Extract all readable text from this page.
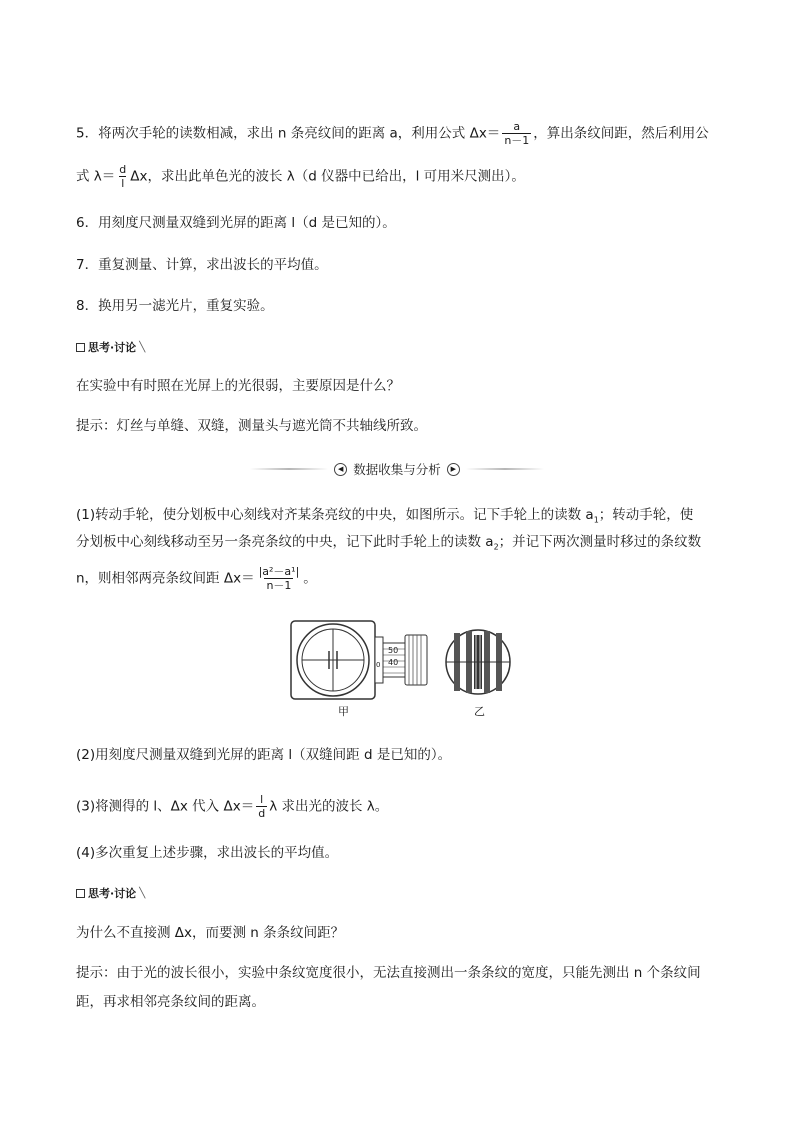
5．将两次手轮的读数相减，求出 n 条亮纹间的距离 a，利用公式 $\Delta x= \frac{a}{n-1}$ ，算出条纹间距，然后利用公
式 $\lambda= \frac{d}{l}$ Δx，求出此单色光的波长 λ（d 仪器中已给出，l 可用米尺测出）。
6．用刻度尺测量双缝到光屏的距离 l（d 是已知的）。
7．重复测量、计算，求出波长的平均值。
8．换用另一滤光片，重复实验。
思考·讨论 ╲
在实验中有时照在光屏上的光很弱，主要原因是什么？
提示：灯丝与单缝、双缝，测量头与遮光筒不共轴线所致。
◀ 数据收集与分析	▶
(1)转动手轮，使分划板中心刻线对齐某条亮纹的中央，如图所示。记下手轮上的读数 $a_1$；转动手轮，使
分划板中心刻线移动至另一条亮条纹的中央，记下此时手轮上的读数 $a_2$；并记下两次测量时移过的条纹数
n，则相邻两亮条纹间距 $\Delta x= \frac{\text{|a²－a¹|}}{n-1}$ 。
50
40
0
甲	乙
(2)用刻度尺测量双缝到光屏的距离 l（双缝间距 d 是已知的）。
(3)将测得的 l、Δx 代入 $\Delta x= \frac{l}{d}$ λ 求出光的波长 λ。
(4)多次重复上述步骤，求出波长的平均值。
思考·讨论 ╲
为什么不直接测 Δx，而要测 n 条条纹间距？
提示：由于光的波长很小，实验中条纹宽度很小，无法直接测出一条条纹的宽度，只能先测出 n 个条纹间
距，再求相邻亮条纹间的距离。
